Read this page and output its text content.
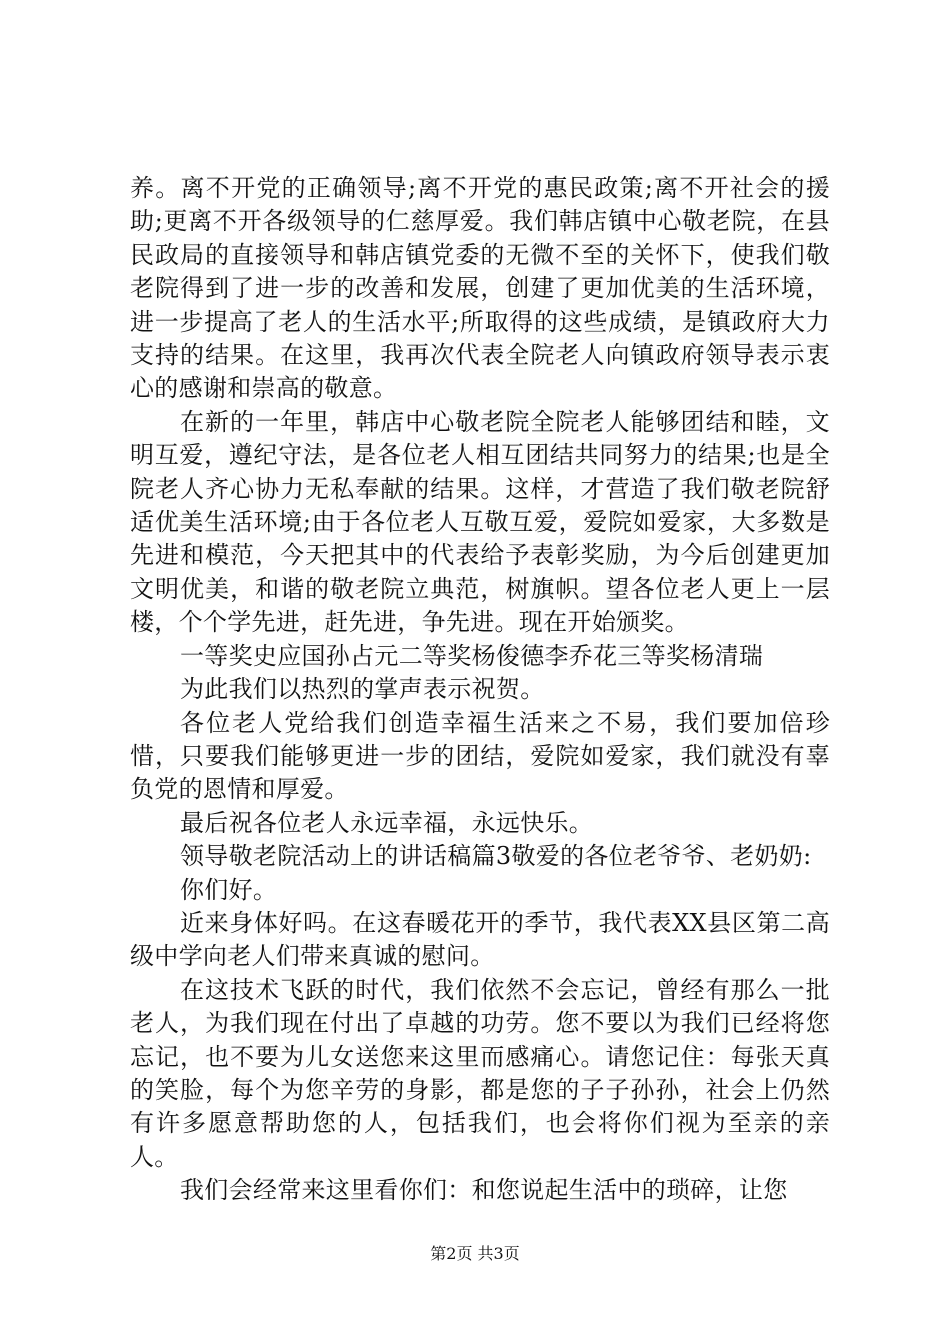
养。离不开党的正确领导;离不开党的惠民政策;离不开社会的援助;更离不开各级领导的仁慈厚爱。我们韩店镇中心敬老院，在县民政局的直接领导和韩店镇党委的无微不至的关怀下，使我们敬老院得到了进一步的改善和发展，创建了更加优美的生活环境，进一步提高了老人的生活水平;所取得的这些成绩，是镇政府大力支持的结果。在这里，我再次代表全院老人向镇政府领导表示衷心的感谢和崇高的敬意。

在新的一年里，韩店中心敬老院全院老人能够团结和睦，文明互爱，遵纪守法，是各位老人相互团结共同努力的结果;也是全院老人齐心协力无私奉献的结果。这样，才营造了我们敬老院舒适优美生活环境;由于各位老人互敬互爱，爱院如爱家，大多数是先进和模范，今天把其中的代表给予表彰奖励，为今后创建更加文明优美，和谐的敬老院立典范，树旗帜。望各位老人更上一层楼，个个学先进，赶先进，争先进。现在开始颁奖。

一等奖史应国孙占元二等奖杨俊德李乔花三等奖杨清瑞

为此我们以热烈的掌声表示祝贺。

各位老人党给我们创造幸福生活来之不易，我们要加倍珍惜，只要我们能够更进一步的团结，爱院如爱家，我们就没有辜负党的恩情和厚爱。

最后祝各位老人永远幸福，永远快乐。

领导敬老院活动上的讲话稿篇3敬爱的各位老爷爷、老奶奶:

你们好。

近来身体好吗。在这春暖花开的季节，我代表XX县区第二高级中学向老人们带来真诚的慰问。

在这技术飞跃的时代，我们依然不会忘记，曾经有那么一批老人，为我们现在付出了卓越的功劳。您不要以为我们已经将您忘记，也不要为儿女送您来这里而感痛心。请您记住：每张天真的笑脸，每个为您辛劳的身影，都是您的子子孙孙，社会上仍然有许多愿意帮助您的人，包括我们，也会将你们视为至亲的亲人。

我们会经常来这里看你们：和您说起生活中的琐碎，让您

第2页 共3页
